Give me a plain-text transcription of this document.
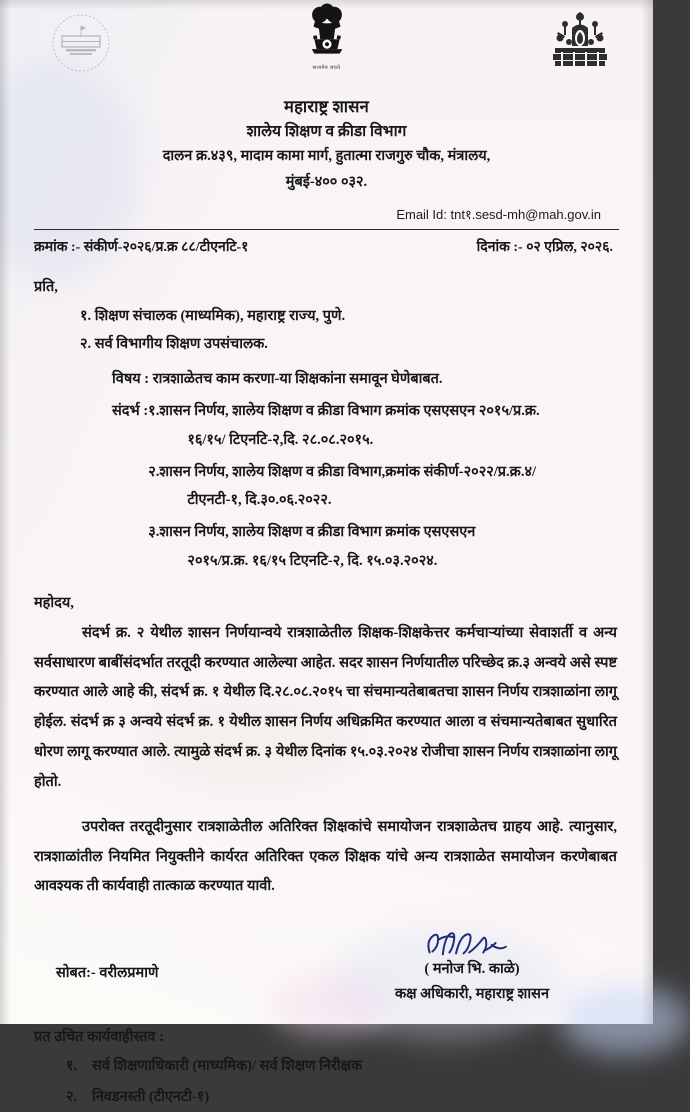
सत्यमेव जयते
महाराष्ट्र शासन
शालेय शिक्षण व क्रीडा विभाग
दालन क्र.४३९, मादाम कामा मार्ग, हुतात्मा राजगुरु चौक, मंत्रालय,
मुंबई-४०० ०३२.
Email Id: tnt१.sesd-mh@mah.gov.in
क्रमांक :- संकीर्ण-२०२६/प्र.क्र ८८/टीएनटि-१	दिनांक :- ०२ एप्रिल, २०२६.
प्रति,
१. शिक्षण संचालक (माध्यमिक), महाराष्ट्र राज्य, पुणे.
२. सर्व विभागीय शिक्षण उपसंचालक.
विषय : रात्रशाळेतच काम करणा-या शिक्षकांना समावून घेणेबाबत.
संदर्भ : १. शासन निर्णय, शालेय शिक्षण व क्रीडा विभाग क्रमांक एसएसएन २०१५/प्र.क्र.
१६/१५/ टिएनटि-२,दि. २८.०८.२०१५.

२. शासन निर्णय, शालेय शिक्षण व क्रीडा विभाग,क्रमांक संकीर्ण-२०२२/प्र.क्र.४/
टीएनटी-१, दि.३०.०६.२०२२.

३. शासन निर्णय, शालेय शिक्षण व क्रीडा विभाग क्रमांक एसएसएन
२०१५/प्र.क्र. १६/१५ टिएनटि-२, दि. १५.०३.२०२४.
महोदय,

संदर्भ क्र. २ येथील शासन निर्णयान्वये रात्रशाळेतील शिक्षक-शिक्षकेत्तर कर्मचाऱ्यांच्या सेवाशर्ती व अन्य सर्वसाधारण बाबींसंदर्भात तरतूदी करण्यात आलेल्या आहेत. सदर शासन निर्णयातील परिच्छेद क्र.३ अन्वये असे स्पष्ट करण्यात आले आहे की, संदर्भ क्र. १ येथील दि.२८.०८.२०१५ चा संचमान्यतेबाबतचा शासन निर्णय रात्रशाळांना लागू होईल. संदर्भ क्र ३ अन्वये संदर्भ क्र. १ येथील शासन निर्णय अधिक्रमित करण्यात आला व संचमान्यतेबाबत सुधारित धोरण लागू करण्यात आले. त्यामुळे संदर्भ क्र. ३ येथील दिनांक १५.०३.२०२४ रोजीचा शासन निर्णय रात्रशाळांना लागू होतो.

उपरोक्त तरतूदीनुसार रात्रशाळेतील अतिरिक्त शिक्षकांचे समायोजन रात्रशाळेतच ग्राहय आहे. त्यानुसार, रात्रशाळांतील नियमित नियुक्तीने कार्यरत अतिरिक्त एकल शिक्षक यांचे अन्य रात्रशाळेत समायोजन करणेबाबत आवश्यक ती कार्यवाही तात्काळ करण्यात यावी.

सोबत:- वरीलप्रमाणे	( मनोज भि. काळे)
कक्ष अधिकारी, महाराष्ट्र शासन
प्रत उचित कार्यवाहीस्तव :
१. सर्व शिक्षणाधिकारी (माध्यमिक)/ सर्व शिक्षण निरीक्षक
२. निवडनस्ती (टीएनटी-१)
